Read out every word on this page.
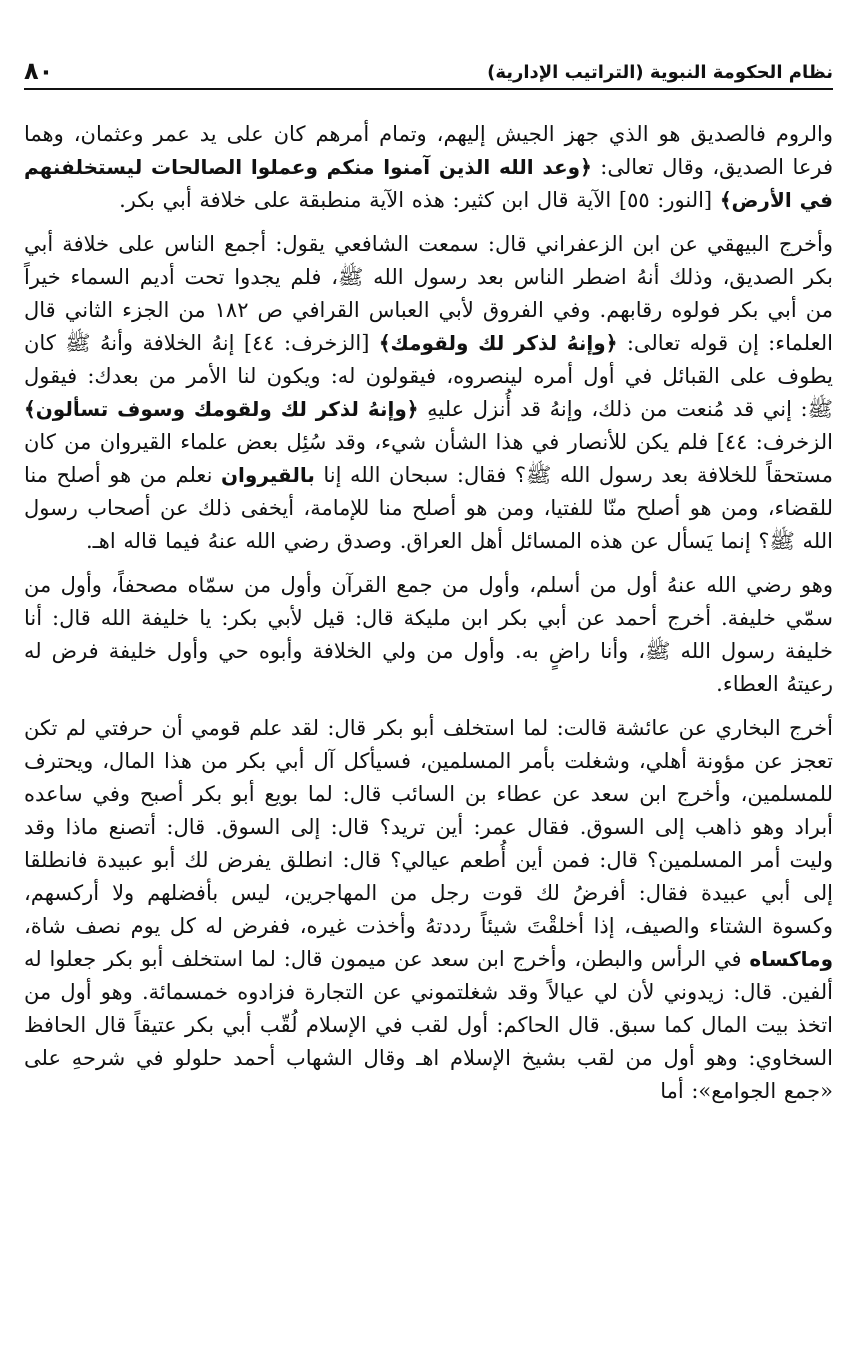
نظام الحكومة النبوية (التراتيب الإدارية)
٨٠

والروم فالصديق هو الذي جهز الجيش إليهم، وتمام أمرهم كان على يد عمر وعثمان، وهما فرعا الصديق، وقال تعالى: ﴿وعد الله الذين آمنوا منكم وعملوا الصالحات ليستخلفنهم في الأرض﴾ [النور: ٥٥] الآية قال ابن كثير: هذه الآية منطبقة على خلافة أبي بكر.

وأخرج البيهقي عن ابن الزعفراني قال: سمعت الشافعي يقول: أجمع الناس على خلافة أبي بكر الصديق، وذلك أنهُ اضطر الناس بعد رسول الله ﷺ، فلم يجدوا تحت أديم السماء خيراً من أبي بكر فولوه رقابهم. وفي الفروق لأبي العباس القرافي ص ١٨٢ من الجزء الثاني قال العلماء: إن قوله تعالى: ﴿وإنهُ لذكر لك ولقومك﴾ [الزخرف: ٤٤] إنهُ الخلافة وأنهُ ﷺ كان يطوف على القبائل في أول أمره لينصروه، فيقولون له: ويكون لنا الأمر من بعدك: فيقول ﷺ: إني قد مُنعت من ذلك، وإنهُ قد أُنزل عليهِ ﴿وإنهُ لذكر لك ولقومك وسوف تسألون﴾ الزخرف: ٤٤] فلم يكن للأنصار في هذا الشأن شيء، وقد سُئِل بعض علماء القيروان من كان مستحقاً للخلافة بعد رسول الله ﷺ؟ فقال: سبحان الله إنا بالقيروان نعلم من هو أصلح منا للقضاء، ومن هو أصلح منّا للفتيا، ومن هو أصلح منا للإمامة، أيخفى ذلك عن أصحاب رسول الله ﷺ؟ إنما يَسأل عن هذه المسائل أهل العراق. وصدق رضي الله عنهُ فيما قاله اهـ.

وهو رضي الله عنهُ أول من أسلم، وأول من جمع القرآن وأول من سمّاه مصحفاً، وأول من سمّي خليفة. أخرج أحمد عن أبي بكر ابن مليكة قال: قيل لأبي بكر: يا خليفة الله قال: أنا خليفة رسول الله ﷺ، وأنا راضٍ به. وأول من ولي الخلافة وأبوه حي وأول خليفة فرض له رعيتهُ العطاء.

أخرج البخاري عن عائشة قالت: لما استخلف أبو بكر قال: لقد علم قومي أن حرفتي لم تكن تعجز عن مؤونة أهلي، وشغلت بأمر المسلمين، فسيأكل آل أبي بكر من هذا المال، ويحترف للمسلمين، وأخرج ابن سعد عن عطاء بن السائب قال: لما بويع أبو بكر أصبح وفي ساعده أبراد وهو ذاهب إلى السوق. فقال عمر: أين تريد؟ قال: إلى السوق. قال: أتصنع ماذا وقد وليت أمر المسلمين؟ قال: فمن أين أُطعم عيالي؟ قال: انطلق يفرض لك أبو عبيدة فانطلقا إلى أبي عبيدة فقال: أفرضُ لك قوت رجل من المهاجرين، ليس بأفضلهم ولا أركسهم، وكسوة الشتاء والصيف، إذا أخلقْتَ شيئاً رددتهُ وأخذت غيره، ففرض له كل يوم نصف شاة، وماكساه في الرأس والبطن، وأخرج ابن سعد عن ميمون قال: لما استخلف أبو بكر جعلوا له ألفين. قال: زيدوني لأن لي عيالاً وقد شغلتموني عن التجارة فزادوه خمسمائة. وهو أول من اتخذ بيت المال كما سبق. قال الحاكم: أول لقب في الإسلام لُقّب أبي بكر عتيقاً قال الحافظ السخاوي: وهو أول من لقب بشيخ الإسلام اهـ وقال الشهاب أحمد حلولو في شرحهِ على «جمع الجوامع»: أما
